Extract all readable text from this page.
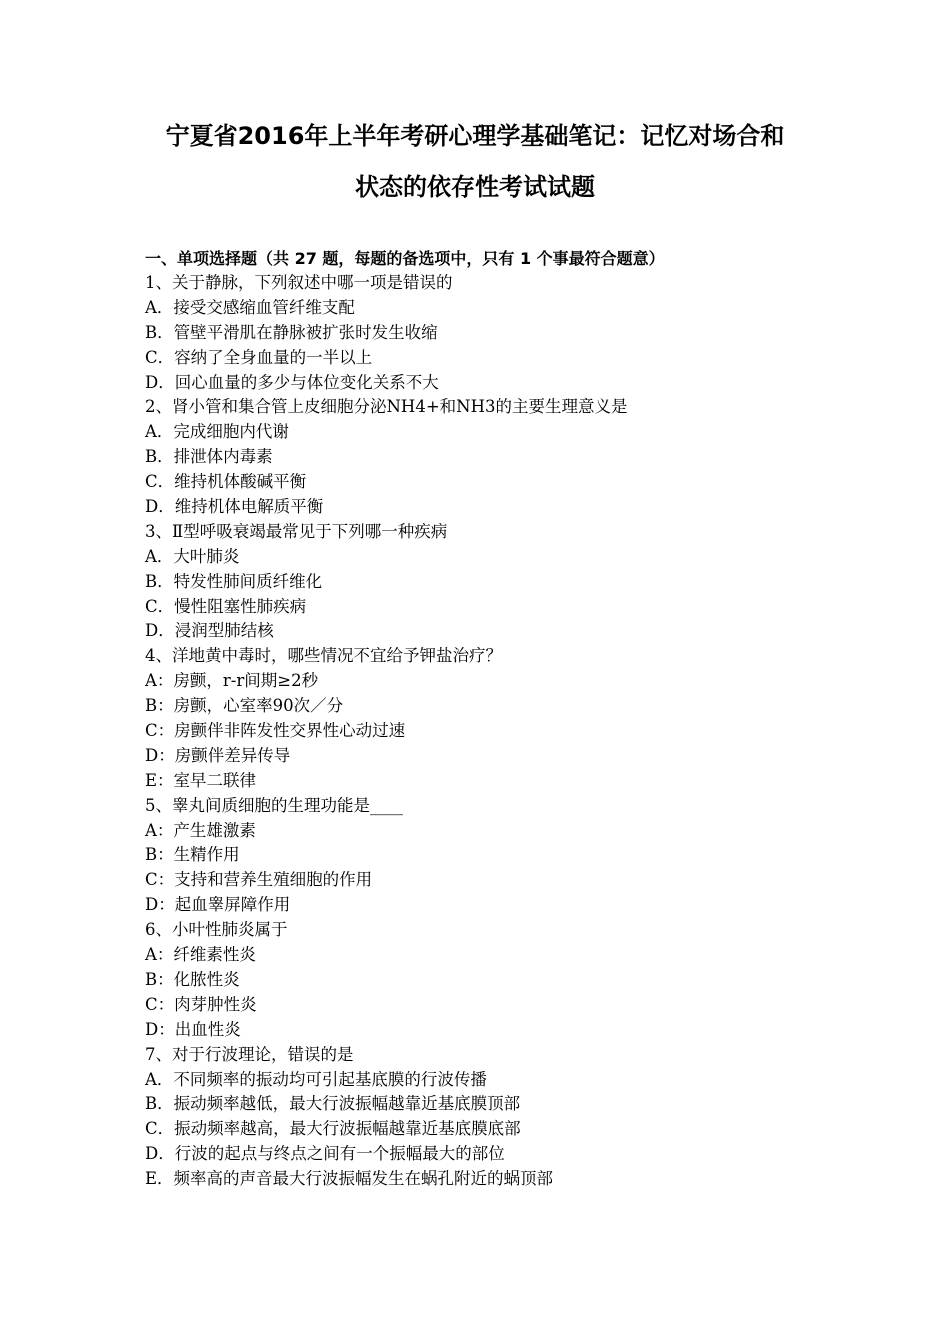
宁夏省2016年上半年考研心理学基础笔记：记忆对场合和
状态的依存性考试试题
一、单项选择题（共 27 题，每题的备选项中，只有 1 个事最符合题意）
1、关于静脉，下列叙述中哪一项是错误的
A．接受交感缩血管纤维支配
B．管壁平滑肌在静脉被扩张时发生收缩
C．容纳了全身血量的一半以上
D．回心血量的多少与体位变化关系不大
2、肾小管和集合管上皮细胞分泌NH4+和NH3的主要生理意义是
A．完成细胞内代谢
B．排泄体内毒素
C．维持机体酸碱平衡
D．维持机体电解质平衡
3、Ⅱ型呼吸衰竭最常见于下列哪一种疾病
A．大叶肺炎
B．特发性肺间质纤维化
C．慢性阻塞性肺疾病
D．浸润型肺结核
4、洋地黄中毒时，哪些情况不宜给予钾盐治疗？
A：房颤，r-r间期≥2秒
B：房颤，心室率90次／分
C：房颤伴非阵发性交界性心动过速
D：房颤伴差异传导
E：室早二联律
5、睾丸间质细胞的生理功能是____
A：产生雄激素
B：生精作用
C：支持和营养生殖细胞的作用
D：起血睾屏障作用
6、小叶性肺炎属于
A：纤维素性炎
B：化脓性炎
C：肉芽肿性炎
D：出血性炎
7、对于行波理论，错误的是
A．不同频率的振动均可引起基底膜的行波传播
B．振动频率越低，最大行波振幅越靠近基底膜顶部
C．振动频率越高，最大行波振幅越靠近基底膜底部
D．行波的起点与终点之间有一个振幅最大的部位
E．频率高的声音最大行波振幅发生在蜗孔附近的蜗顶部
